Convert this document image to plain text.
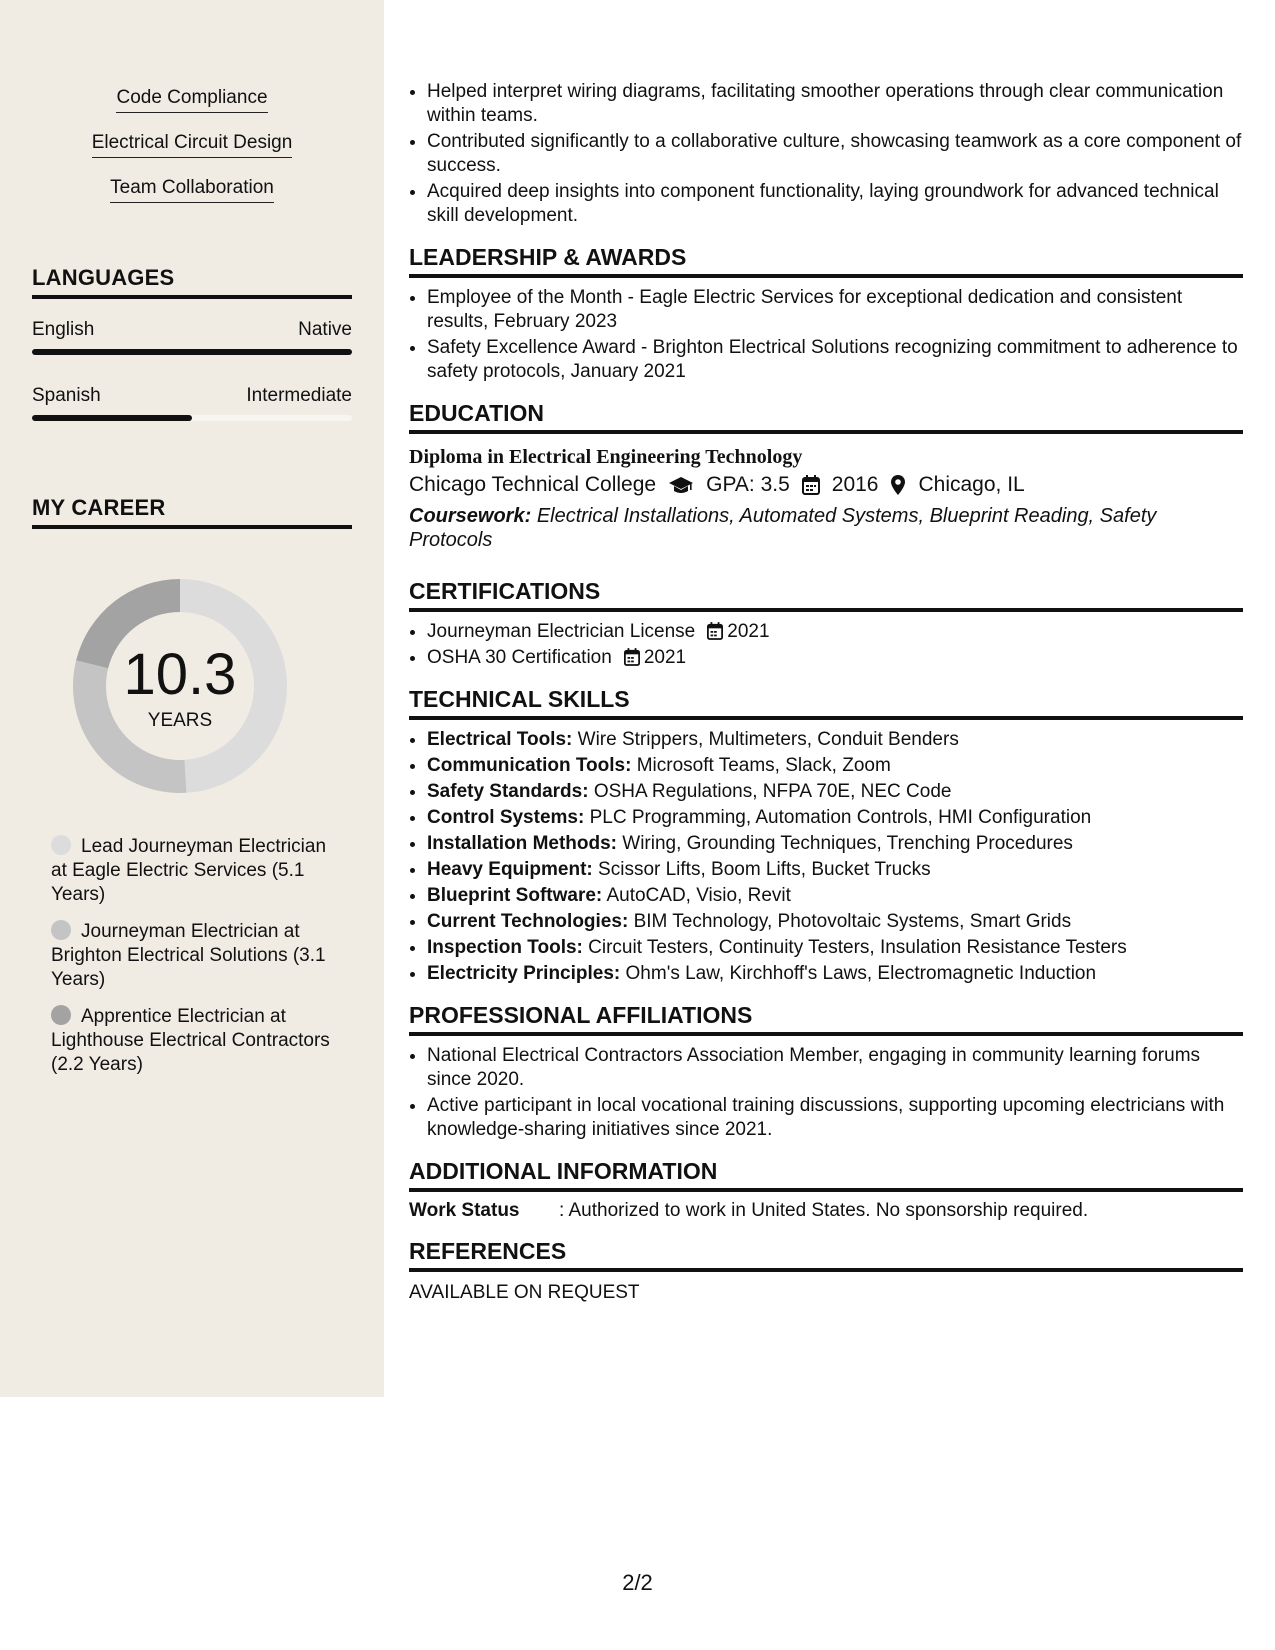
Code Compliance
Electrical Circuit Design
Team Collaboration
LANGUAGES
English	Native
Spanish	Intermediate
MY CAREER
10.3
YEARS
Lead Journeyman Electrician at Eagle Electric Services (5.1 Years)
Journeyman Electrician at Brighton Electrical Solutions (3.1 Years)
Apprentice Electrician at Lighthouse Electrical Contractors (2.2 Years)
• Helped interpret wiring diagrams, facilitating smoother operations through clear communication within teams.
• Contributed significantly to a collaborative culture, showcasing teamwork as a core component of success.
• Acquired deep insights into component functionality, laying groundwork for advanced technical skill development.
LEADERSHIP & AWARDS
• Employee of the Month - Eagle Electric Services for exceptional dedication and consistent results, February 2023
• Safety Excellence Award - Brighton Electrical Solutions recognizing commitment to adherence to safety protocols, January 2021
EDUCATION
Diploma in Electrical Engineering Technology
Chicago Technical College GPA: 3.5 2016 Chicago, IL
Coursework: Electrical Installations, Automated Systems, Blueprint Reading, Safety Protocols
CERTIFICATIONS
• Journeyman Electrician License 2021
• OSHA 30 Certification 2021
TECHNICAL SKILLS
• Electrical Tools: Wire Strippers, Multimeters, Conduit Benders
• Communication Tools: Microsoft Teams, Slack, Zoom
• Safety Standards: OSHA Regulations, NFPA 70E, NEC Code
• Control Systems: PLC Programming, Automation Controls, HMI Configuration
• Installation Methods: Wiring, Grounding Techniques, Trenching Procedures
• Heavy Equipment: Scissor Lifts, Boom Lifts, Bucket Trucks
• Blueprint Software: AutoCAD, Visio, Revit
• Current Technologies: BIM Technology, Photovoltaic Systems, Smart Grids
• Inspection Tools: Circuit Testers, Continuity Testers, Insulation Resistance Testers
• Electricity Principles: Ohm's Law, Kirchhoff's Laws, Electromagnetic Induction
PROFESSIONAL AFFILIATIONS
• National Electrical Contractors Association Member, engaging in community learning forums since 2020.
• Active participant in local vocational training discussions, supporting upcoming electricians with knowledge-sharing initiatives since 2021.
ADDITIONAL INFORMATION
Work Status	: Authorized to work in United States. No sponsorship required.
REFERENCES
AVAILABLE ON REQUEST
2/2
